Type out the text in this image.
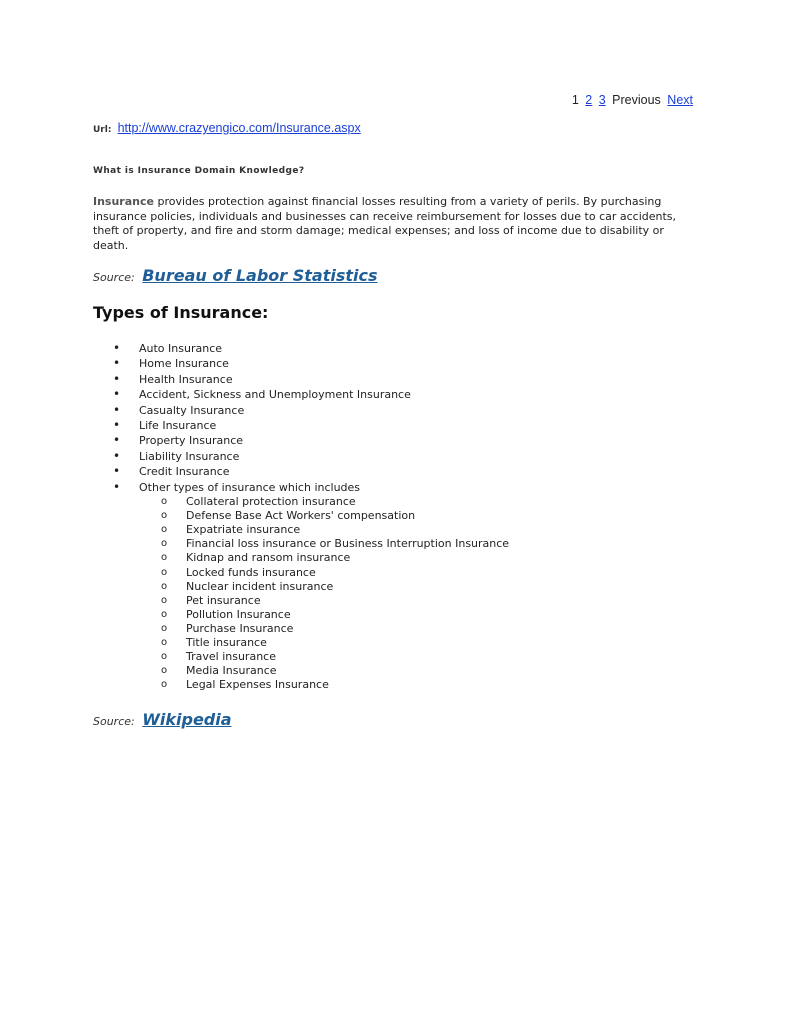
1 2 3 Previous Next
Url: http://www.crazyengico.com/Insurance.aspx
What is Insurance Domain Knowledge?

Insurance provides protection against financial losses resulting from a variety of perils. By purchasing insurance policies, individuals and businesses can receive reimbursement for losses due to car accidents, theft of property, and fire and storm damage; medical expenses; and loss of income due to disability or death.

Source: Bureau of Labor Statistics
Types of Insurance:
• Auto Insurance
• Home Insurance
• Health Insurance
• Accident, Sickness and Unemployment Insurance
• Casualty Insurance
• Life Insurance
• Property Insurance
• Liability Insurance
• Credit Insurance
• Other types of insurance which includes
o Collateral protection insurance
o Defense Base Act Workers' compensation
o Expatriate insurance
o Financial loss insurance or Business Interruption Insurance
o Kidnap and ransom insurance
o Locked funds insurance
o Nuclear incident insurance
o Pet insurance
o Pollution Insurance
o Purchase Insurance
o Title insurance
o Travel insurance
o Media Insurance
o Legal Expenses Insurance
Source: Wikipedia
